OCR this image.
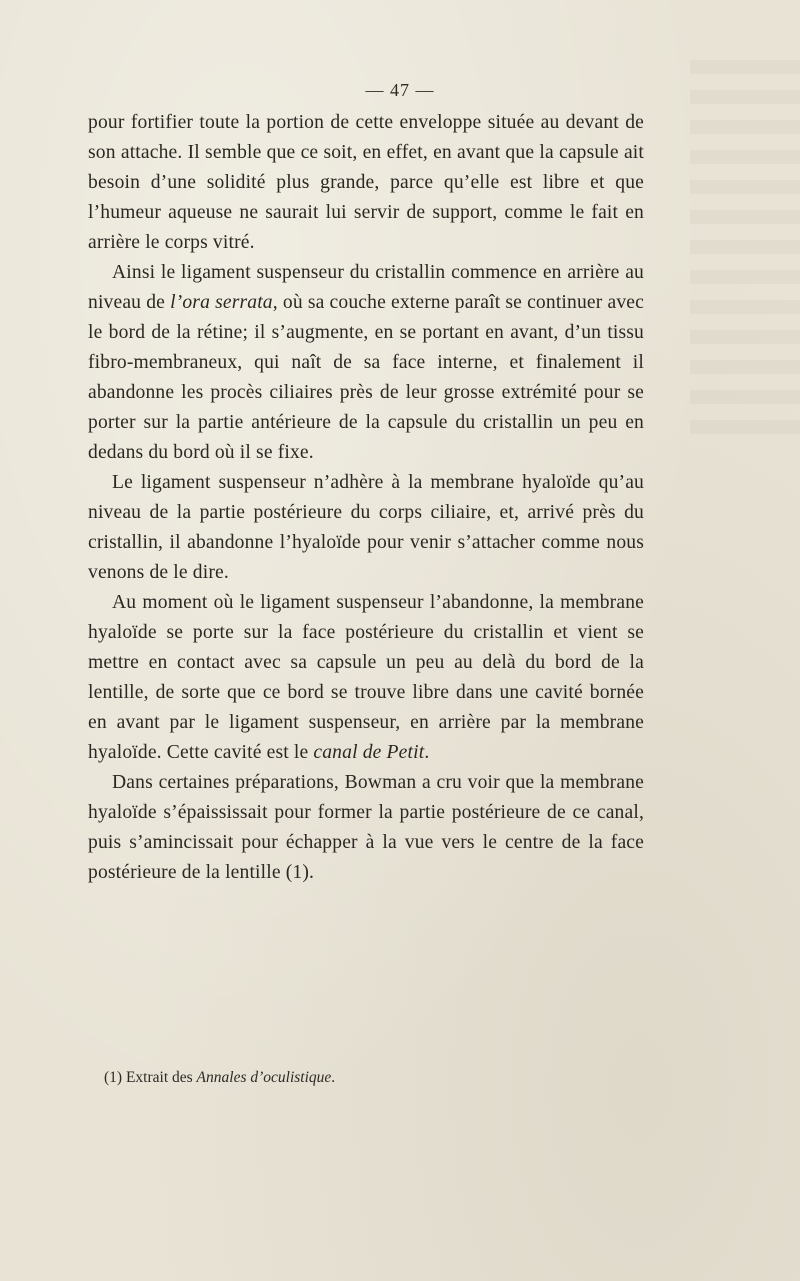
— 47 —

pour fortifier toute la portion de cette enveloppe située au devant de son attache. Il semble que ce soit, en effet, en avant que la capsule ait besoin d’une solidité plus grande, parce qu’elle est libre et que l’humeur aqueuse ne saurait lui servir de support, comme le fait en arrière le corps vitré.

Ainsi le ligament suspenseur du cristallin commence en arrière au niveau de l’ora serrata, où sa couche externe paraît se continuer avec le bord de la rétine; il s’augmente, en se portant en avant, d’un tissu fibro-membraneux, qui naît de sa face interne, et finalement il abandonne les procès ciliaires près de leur grosse extrémité pour se porter sur la partie antérieure de la capsule du cristallin un peu en dedans du bord où il se fixe.

Le ligament suspenseur n’adhère à la membrane hyaloïde qu’au niveau de la partie postérieure du corps ciliaire, et, arrivé près du cristallin, il abandonne l’hyaloïde pour venir s’attacher comme nous venons de le dire.

Au moment où le ligament suspenseur l’abandonne, la membrane hyaloïde se porte sur la face postérieure du cristallin et vient se mettre en contact avec sa capsule un peu au delà du bord de la lentille, de sorte que ce bord se trouve libre dans une cavité bornée en avant par le ligament suspenseur, en arrière par la membrane hyaloïde. Cette cavité est le canal de Petit.

Dans certaines préparations, Bowman a cru voir que la membrane hyaloïde s’épaississait pour former la partie postérieure de ce canal, puis s’amincissait pour échapper à la vue vers le centre de la face postérieure de la lentille (1).

(1) Extrait des Annales d’oculistique.
